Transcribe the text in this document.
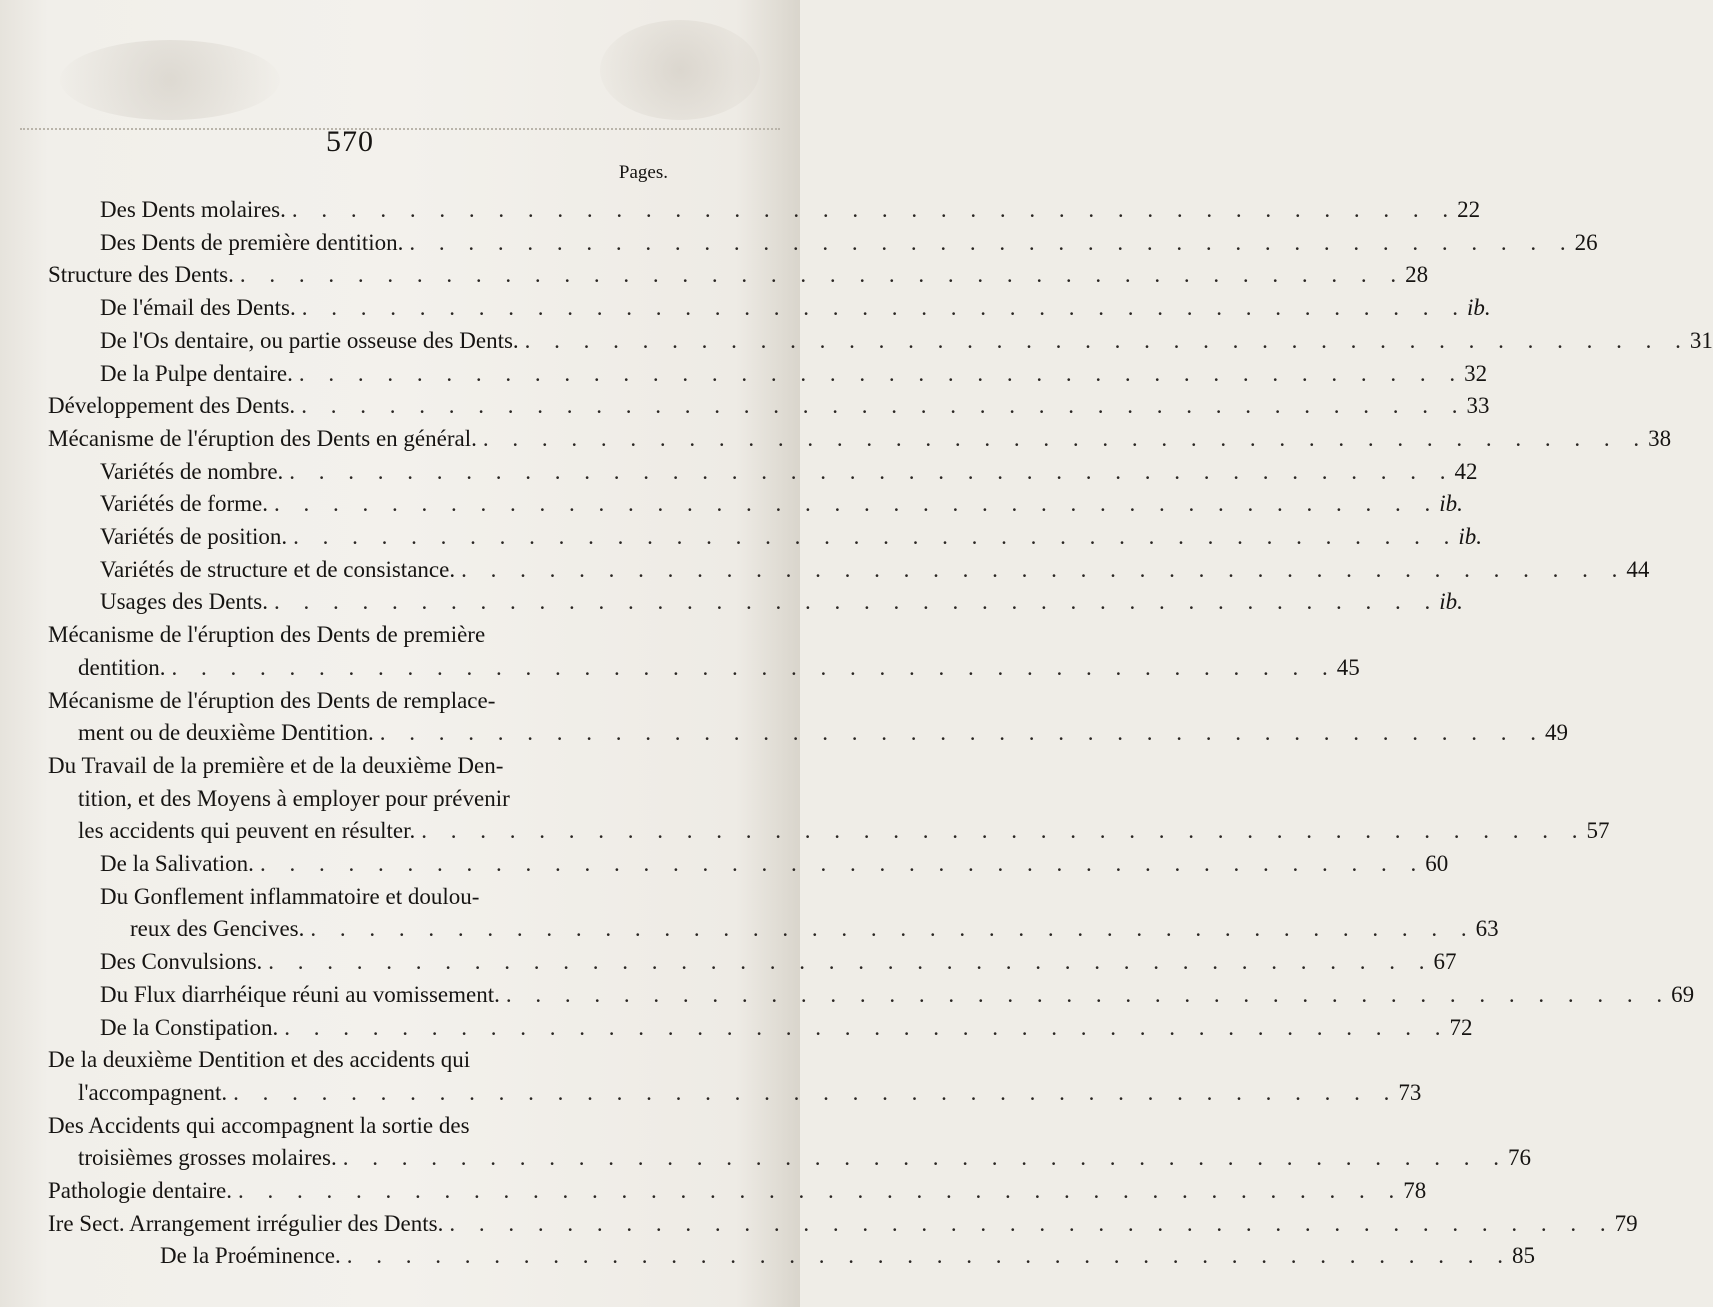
570
Pages.
Des Dents molaires. . . . . . . . . . . . . . . . . . . . . . . . . . . . . . . . . . . . . . . . . 22
Des Dents de première dentition. . . . . . . . . . . . . . . . . . . . . . . . . . . . . . . . . . . . . . . . . 26
Structure des Dents. . . . . . . . . . . . . . . . . . . . . . . . . . . . . . . . . . . . . . . . . 28
De l'émail des Dents. . . . . . . . . . . . . . . . . . . . . . . . . . . . . . . . . . . . . . . . . ib.
De l'Os dentaire, ou partie osseuse des Dents. . . . . . . . . . . . . . . . . . . . . . . . . . . . . . . . . . . . . . . . . 31
De la Pulpe dentaire. . . . . . . . . . . . . . . . . . . . . . . . . . . . . . . . . . . . . . . . . 32
Développement des Dents. . . . . . . . . . . . . . . . . . . . . . . . . . . . . . . . . . . . . . . . . 33
Mécanisme de l'éruption des Dents en général. . . . . . . . . . . . . . . . . . . . . . . . . . . . . . . . . . . . . . . . . 38
Variétés de nombre. . . . . . . . . . . . . . . . . . . . . . . . . . . . . . . . . . . . . . . . . 42
Variétés de forme. . . . . . . . . . . . . . . . . . . . . . . . . . . . . . . . . . . . . . . . . ib.
Variétés de position. . . . . . . . . . . . . . . . . . . . . . . . . . . . . . . . . . . . . . . . . ib.
Variétés de structure et de consistance. . . . . . . . . . . . . . . . . . . . . . . . . . . . . . . . . . . . . . . . . 44
Usages des Dents. . . . . . . . . . . . . . . . . . . . . . . . . . . . . . . . . . . . . . . . . ib.
Mécanisme de l'éruption des Dents de première
dentition. . . . . . . . . . . . . . . . . . . . . . . . . . . . . . . . . . . . . . . . . 45
Mécanisme de l'éruption des Dents de remplace-
ment ou de deuxième Dentition. . . . . . . . . . . . . . . . . . . . . . . . . . . . . . . . . . . . . . . . . 49
Du Travail de la première et de la deuxième Den-
tition, et des Moyens à employer pour prévenir
les accidents qui peuvent en résulter. . . . . . . . . . . . . . . . . . . . . . . . . . . . . . . . . . . . . . . . . 57
De la Salivation. . . . . . . . . . . . . . . . . . . . . . . . . . . . . . . . . . . . . . . . . 60
Du Gonflement inflammatoire et doulou-
reux des Gencives. . . . . . . . . . . . . . . . . . . . . . . . . . . . . . . . . . . . . . . . . 63
Des Convulsions. . . . . . . . . . . . . . . . . . . . . . . . . . . . . . . . . . . . . . . . . 67
Du Flux diarrhéique réuni au vomissement. . . . . . . . . . . . . . . . . . . . . . . . . . . . . . . . . . . . . . . . . 69
De la Constipation. . . . . . . . . . . . . . . . . . . . . . . . . . . . . . . . . . . . . . . . . 72
De la deuxième Dentition et des accidents qui
l'accompagnent. . . . . . . . . . . . . . . . . . . . . . . . . . . . . . . . . . . . . . . . . 73
Des Accidents qui accompagnent la sortie des
troisièmes grosses molaires. . . . . . . . . . . . . . . . . . . . . . . . . . . . . . . . . . . . . . . . . 76
Pathologie dentaire. . . . . . . . . . . . . . . . . . . . . . . . . . . . . . . . . . . . . . . . . 78
Ire Sect. Arrangement irrégulier des Dents. . . . . . . . . . . . . . . . . . . . . . . . . . . . . . . . . . . . . . . . . 79
De la Proéminence. . . . . . . . . . . . . . . . . . . . . . . . . . . . . . . . . . . . . . . . . 85
